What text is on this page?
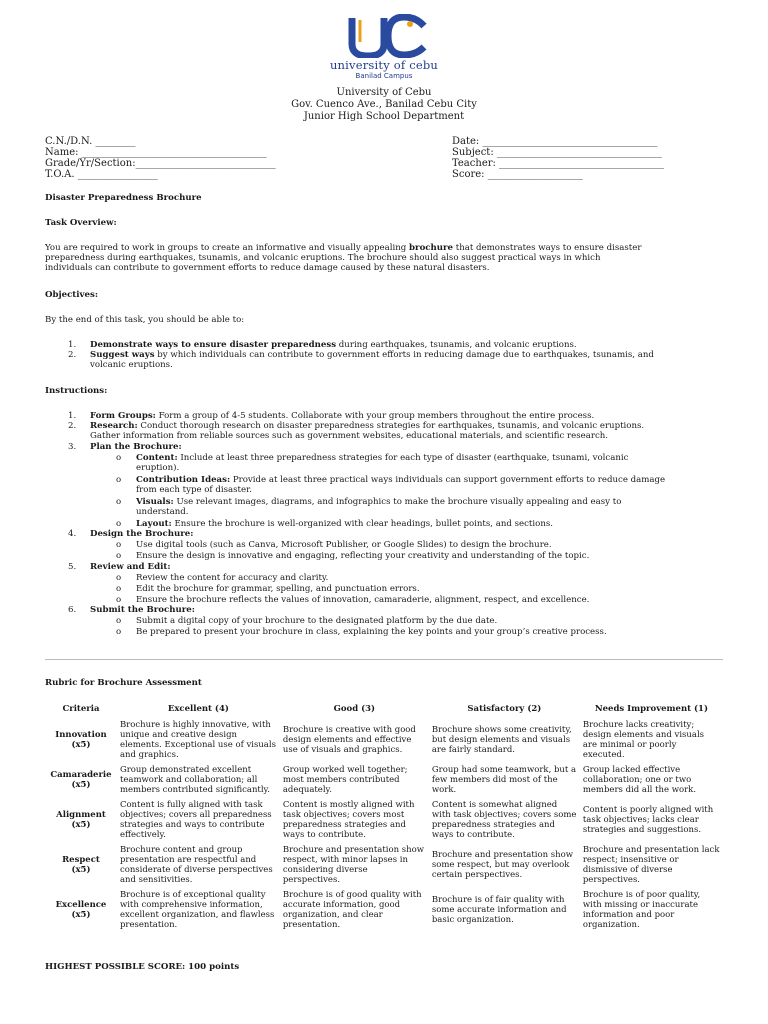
university of cebu
Banilad Campus
University of Cebu
Gov. Cuenco Ave., Banilad Cebu City
Junior High School Department
C.N./D.N. ________
Name: _____________________________________
Grade/Yr/Section:____________________________
T.O.A. ________________
Date: ___________________________________
Subject: _________________________________
Teacher: _________________________________
Score: ___________________
Disaster Preparedness Brochure
Task Overview:
You are required to work in groups to create an informative and visually appealing brochure that demonstrates ways to ensure disaster
preparedness during earthquakes, tsunamis, and volcanic eruptions. The brochure should also suggest practical ways in which
individuals can contribute to government efforts to reduce damage caused by these natural disasters.
Objectives:
By the end of this task, you should be able to:
1. Demonstrate ways to ensure disaster preparedness during earthquakes, tsunamis, and volcanic eruptions.
2. Suggest ways by which individuals can contribute to government efforts in reducing damage due to earthquakes, tsunamis, and
volcanic eruptions.
Instructions:
1. Form Groups: Form a group of 4-5 students. Collaborate with your group members throughout the entire process.
2. Research: Conduct thorough research on disaster preparedness strategies for earthquakes, tsunamis, and volcanic eruptions.
Gather information from reliable sources such as government websites, educational materials, and scientific research.
3. Plan the Brochure:
o Content: Include at least three preparedness strategies for each type of disaster (earthquake, tsunami, volcanic
eruption).
o Contribution Ideas: Provide at least three practical ways individuals can support government efforts to reduce damage
from each type of disaster.
o Visuals: Use relevant images, diagrams, and infographics to make the brochure visually appealing and easy to
understand.
o Layout: Ensure the brochure is well-organized with clear headings, bullet points, and sections.
4. Design the Brochure:
o Use digital tools (such as Canva, Microsoft Publisher, or Google Slides) to design the brochure.
o Ensure the design is innovative and engaging, reflecting your creativity and understanding of the topic.
5. Review and Edit:
o Review the content for accuracy and clarity.
o Edit the brochure for grammar, spelling, and punctuation errors.
o Ensure the brochure reflects the values of innovation, camaraderie, alignment, respect, and excellence.
6. Submit the Brochure:
o Submit a digital copy of your brochure to the designated platform by the due date.
o Be prepared to present your brochure in class, explaining the key points and your group’s creative process.
Rubric for Brochure Assessment
Criteria	Excellent (4)	Good (3)	Satisfactory (2)	Needs Improvement (1)

Innovation
(x5)	Brochure is highly innovative, with unique and creative design elements. Exceptional use of visuals and graphics.	Brochure is creative with good design elements and effective use of visuals and graphics.	Brochure shows some creativity, but design elements and visuals are fairly standard.	Brochure lacks creativity; design elements and visuals are minimal or poorly executed.

Camaraderie
(x5)	Group demonstrated excellent teamwork and collaboration; all members contributed significantly.	Group worked well together; most members contributed adequately.	Group had some teamwork, but a few members did most of the work.	Group lacked effective collaboration; one or two members did all the work.

Alignment
(x5)	Content is fully aligned with task objectives; covers all preparedness strategies and ways to contribute effectively.	Content is mostly aligned with task objectives; covers most preparedness strategies and ways to contribute.	Content is somewhat aligned with task objectives; covers some preparedness strategies and ways to contribute.	Content is poorly aligned with task objectives; lacks clear strategies and suggestions.

Respect
(x5)	Brochure content and group presentation are respectful and considerate of diverse perspectives and sensitivities.	Brochure and presentation show respect, with minor lapses in considering diverse perspectives.	Brochure and presentation show some respect, but may overlook certain perspectives.	Brochure and presentation lack respect; insensitive or dismissive of diverse perspectives.

Excellence
(x5)	Brochure is of exceptional quality with comprehensive information, excellent organization, and flawless presentation.	Brochure is of good quality with accurate information, good organization, and clear presentation.	Brochure is of fair quality with some accurate information and basic organization.	Brochure is of poor quality, with missing or inaccurate information and poor organization.
HIGHEST POSSIBLE SCORE: 100 points
